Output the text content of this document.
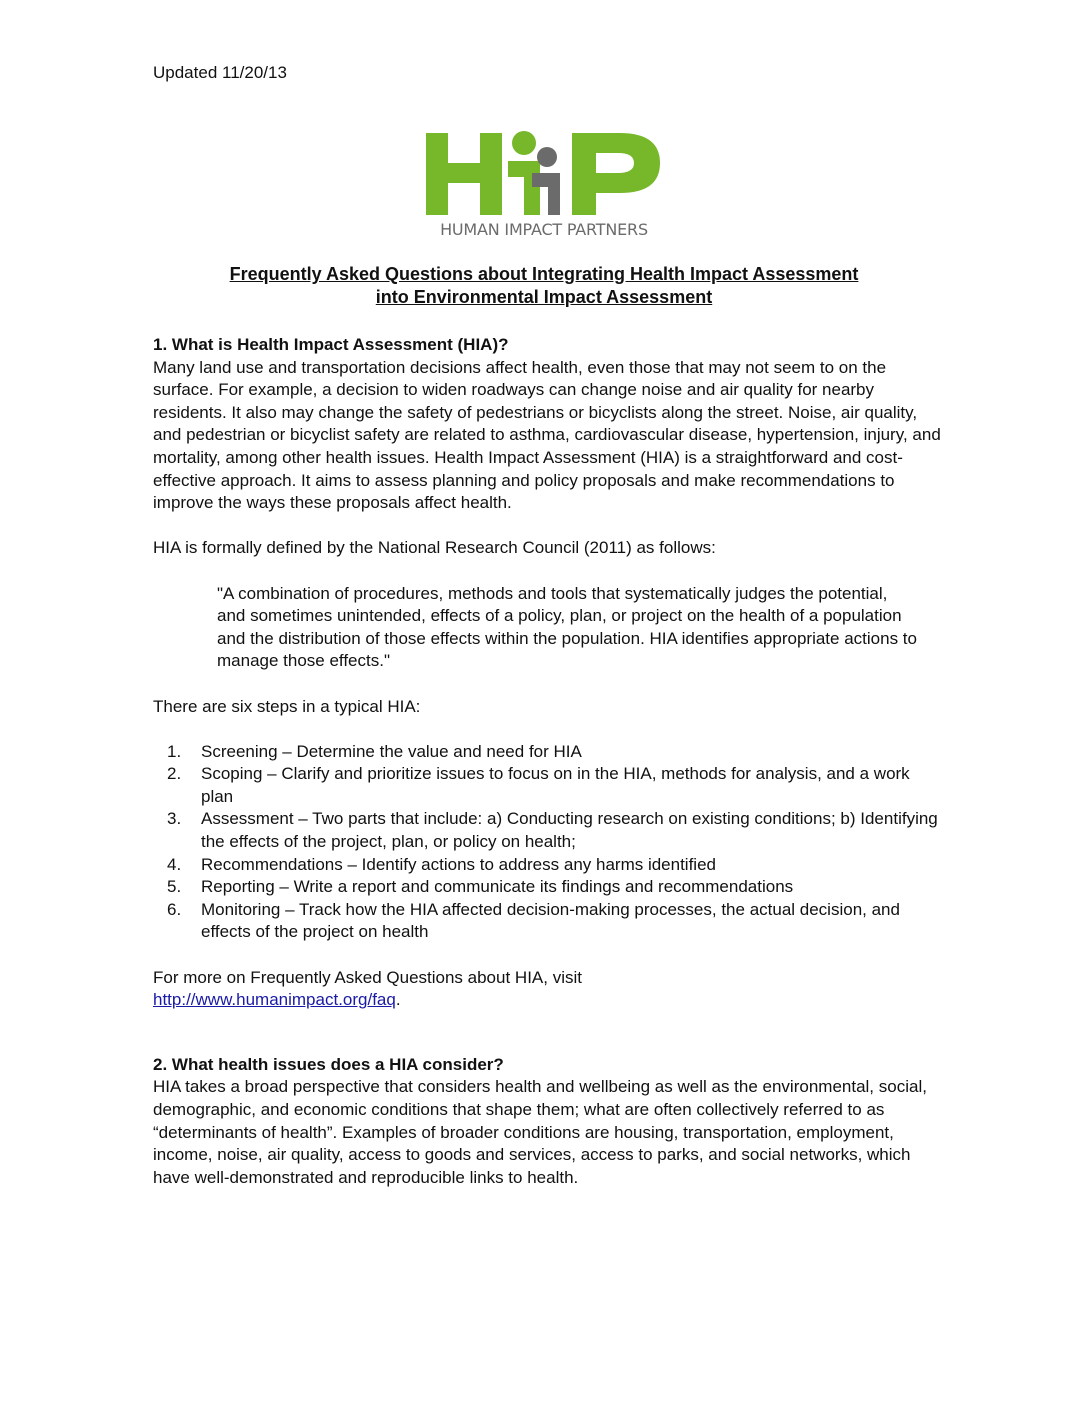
Updated 11/20/13
HUMAN IMPACT PARTNERS
Frequently Asked Questions about Integrating Health Impact Assessment
into Environmental Impact Assessment

1. What is Health Impact Assessment (HIA)?

Many land use and transportation decisions affect health, even those that may not seem to on the surface. For example, a decision to widen roadways can change noise and air quality for nearby residents. It also may change the safety of pedestrians or bicyclists along the street. Noise, air quality, and pedestrian or bicyclist safety are related to asthma, cardiovascular disease, hypertension, injury, and mortality, among other health issues. Health Impact Assessment (HIA) is a straightforward and cost-effective approach. It aims to assess planning and policy proposals and make recommendations to improve the ways these proposals affect health.

HIA is formally defined by the National Research Council (2011) as follows:

"A combination of procedures, methods and tools that systematically judges the potential, and sometimes unintended, effects of a policy, plan, or project on the health of a population and the distribution of those effects within the population. HIA identifies appropriate actions to manage those effects."

There are six steps in a typical HIA:

1.	Screening – Determine the value and need for HIA
2.	Scoping – Clarify and prioritize issues to focus on in the HIA, methods for analysis, and a work plan
3.	Assessment – Two parts that include: a) Conducting research on existing conditions; b) Identifying the effects of the project, plan, or policy on health;
4.	Recommendations – Identify actions to address any harms identified
5.	Reporting – Write a report and communicate its findings and recommendations
6.	Monitoring – Track how the HIA affected decision-making processes, the actual decision, and effects of the project on health

For more on Frequently Asked Questions about HIA, visit
http://www.humanimpact.org/faq.

2. What health issues does a HIA consider?

HIA takes a broad perspective that considers health and wellbeing as well as the environmental, social, demographic, and economic conditions that shape them; what are often collectively referred to as “determinants of health”. Examples of broader conditions are housing, transportation, employment, income, noise, air quality, access to goods and services, access to parks, and social networks, which have well-demonstrated and reproducible links to health.
